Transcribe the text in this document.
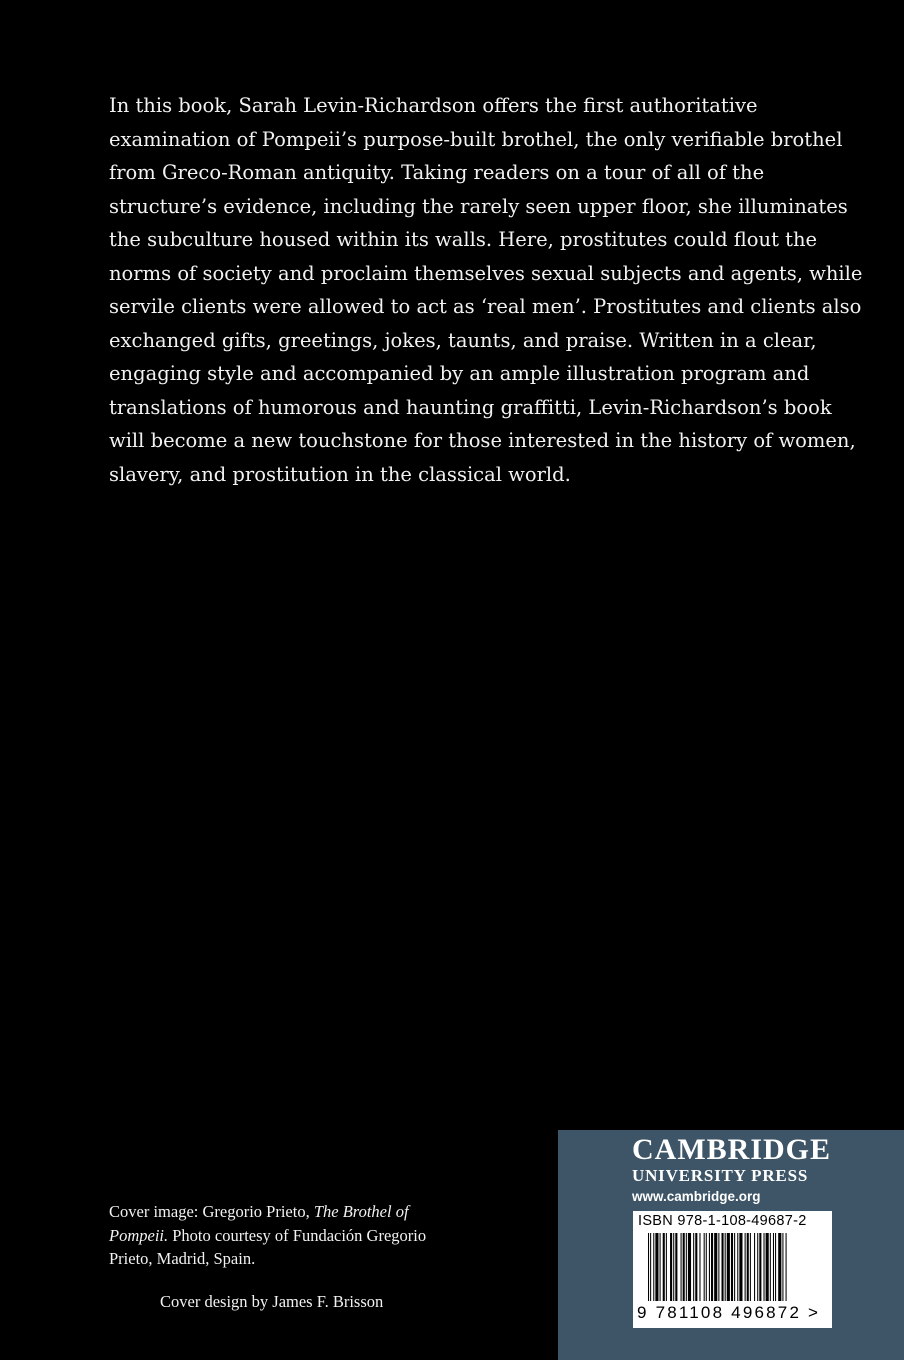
In this book, Sarah Levin-Richardson offers the first authoritative examination of Pompeii’s purpose-built brothel, the only verifiable brothel from Greco-Roman antiquity. Taking readers on a tour of all of the structure’s evidence, including the rarely seen upper floor, she illuminates the subculture housed within its walls. Here, prostitutes could flout the norms of society and proclaim themselves sexual subjects and agents, while servile clients were allowed to act as ‘real men’. Prostitutes and clients also exchanged gifts, greetings, jokes, taunts, and praise. Written in a clear, engaging style and accompanied by an ample illustration program and translations of humorous and haunting graffitti, Levin-Richardson’s book will become a new touchstone for those interested in the history of women, slavery, and prostitution in the classical world.

Cover image: Gregorio Prieto, The Brothel of Pompeii. Photo courtesy of Fundación Gregorio Prieto, Madrid, Spain.
Cover design by James F. Brisson
CAMBRIDGE
UNIVERSITY PRESS
www.cambridge.org
ISBN 978-1-108-49687-2
9 781108 496872 >
